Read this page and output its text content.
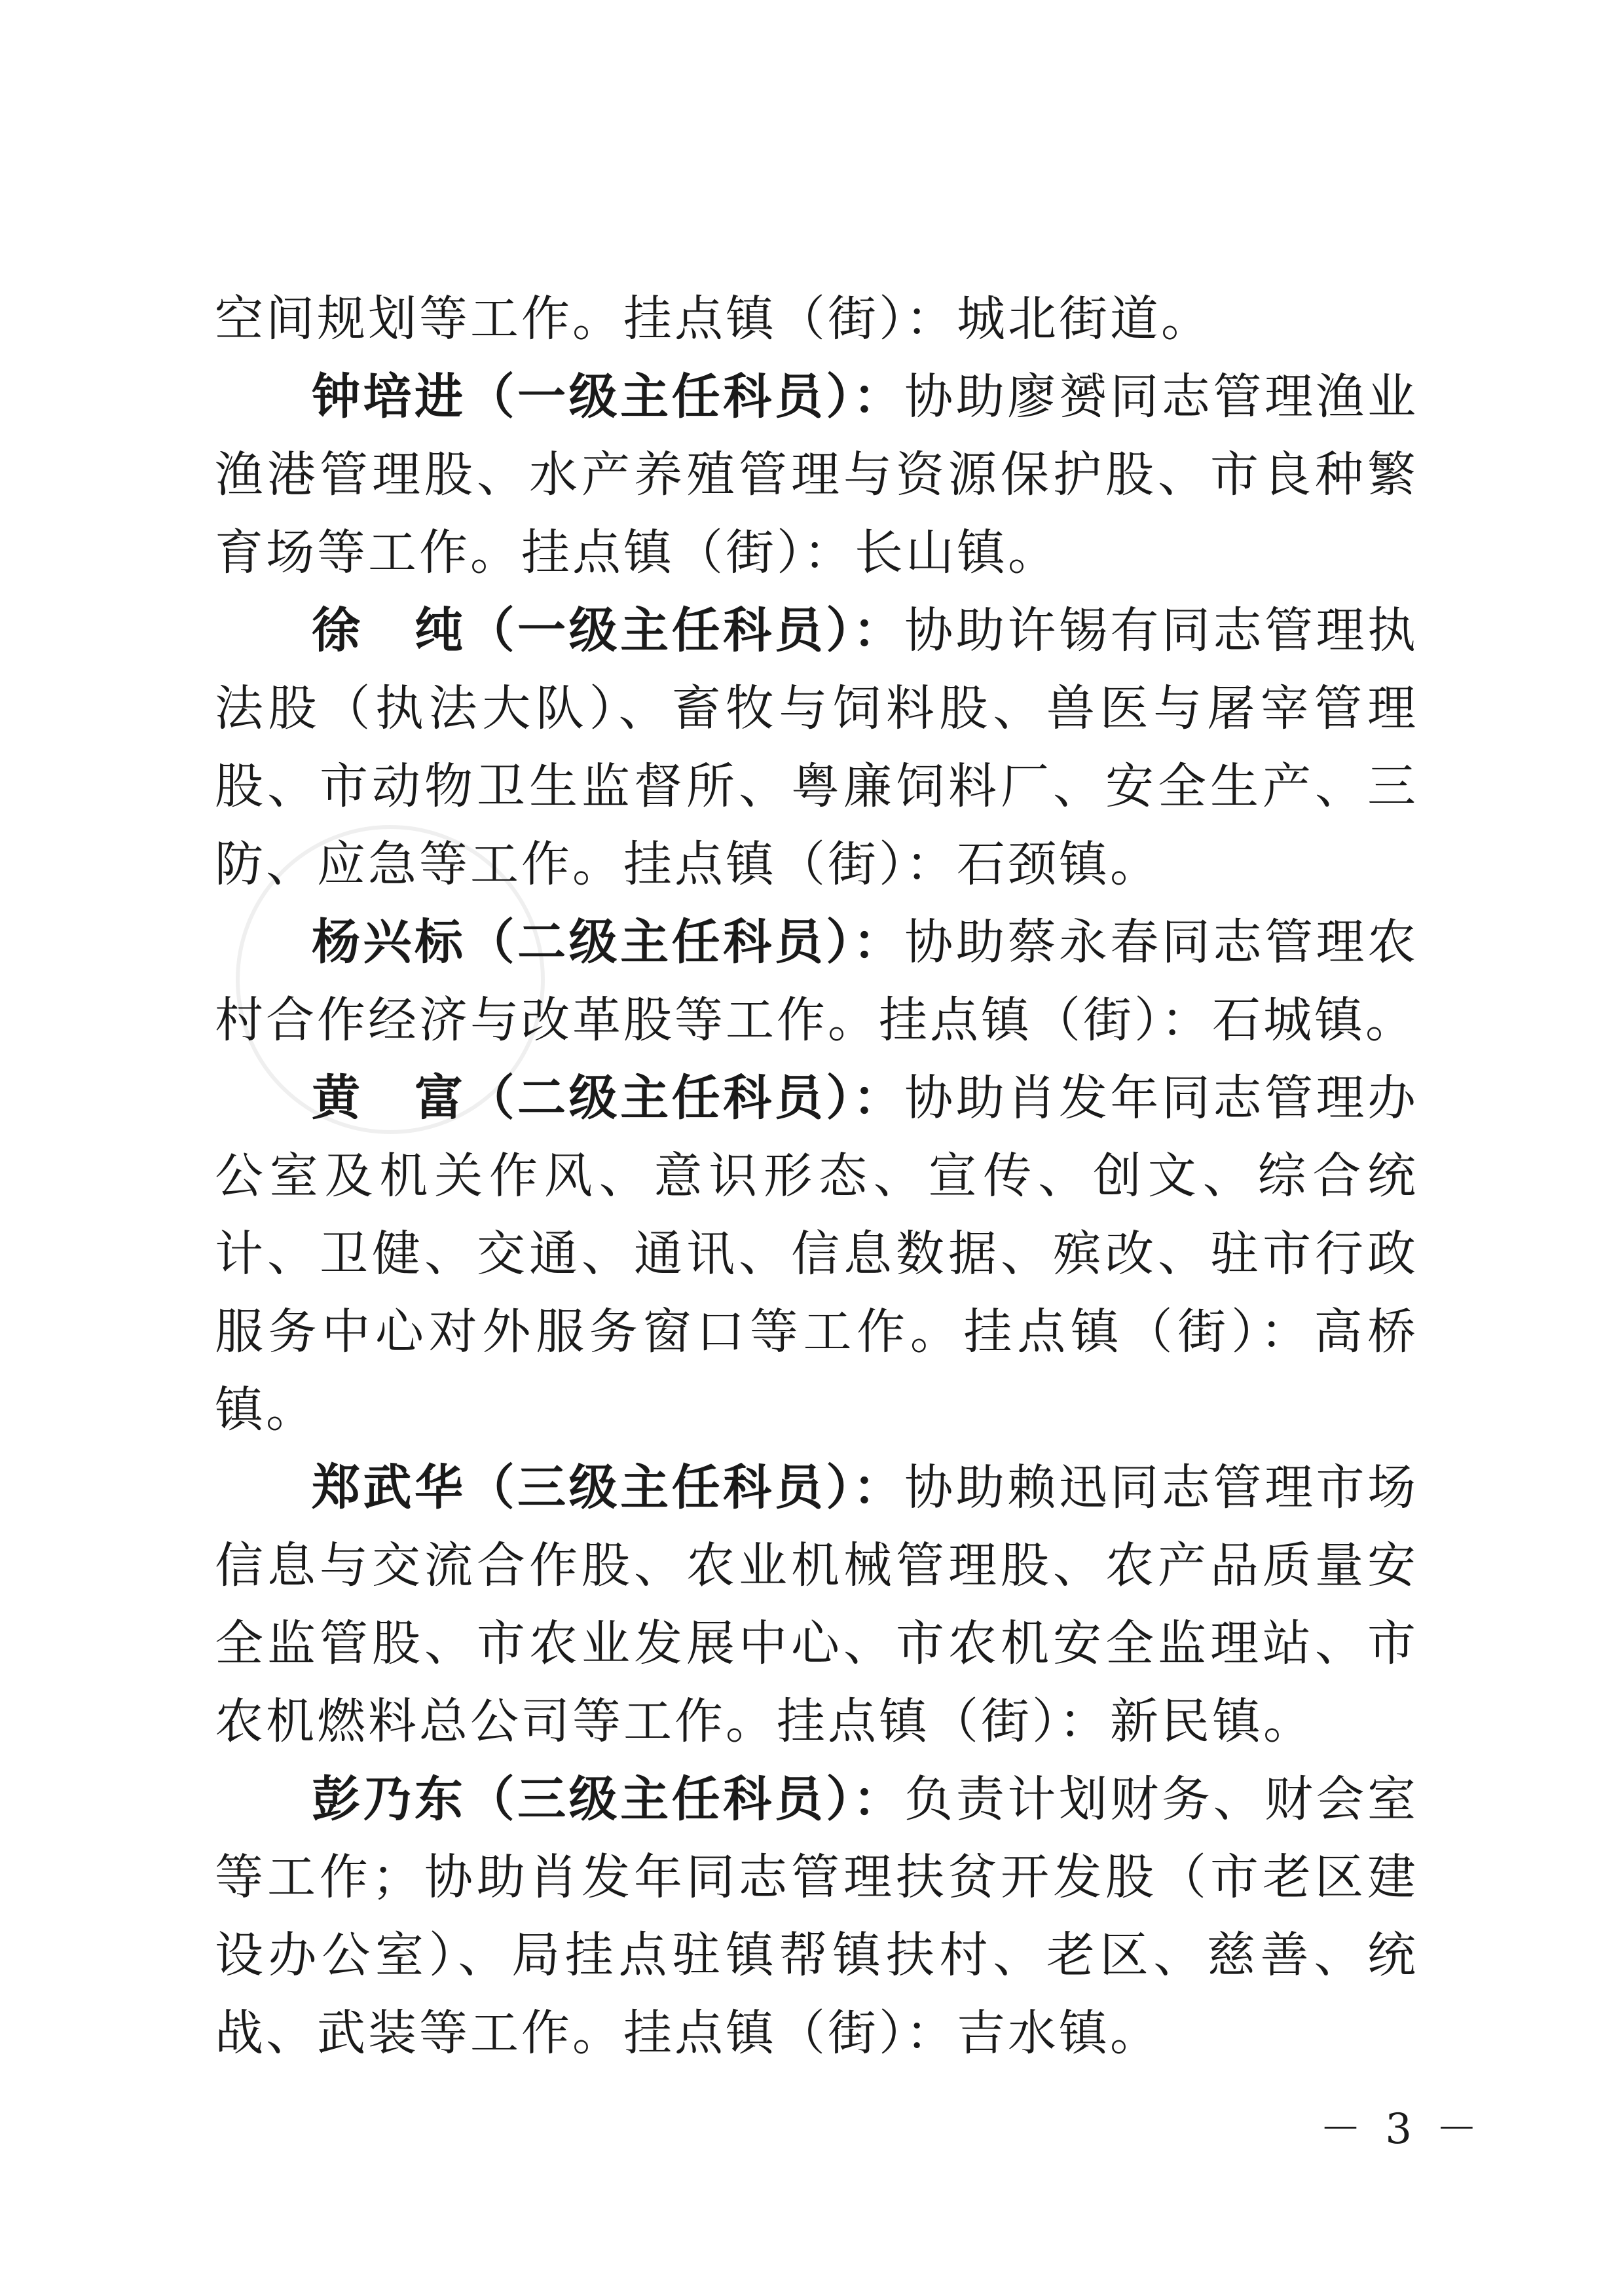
空间规划等工作。挂点镇（街）：城北街道。

钟培进（一级主任科员）：协助廖赟同志管理渔业渔港管理股、水产养殖管理与资源保护股、市良种繁育场等工作。挂点镇（街）：长山镇。

徐　纯（一级主任科员）：协助许锡有同志管理执法股（执法大队）、畜牧与饲料股、兽医与屠宰管理股、市动物卫生监督所、粤廉饲料厂、安全生产、三防、应急等工作。挂点镇（街）：石颈镇。

杨兴标（二级主任科员）：协助蔡永春同志管理农村合作经济与改革股等工作。挂点镇（街）：石城镇。

黄　富（二级主任科员）：协助肖发年同志管理办公室及机关作风、意识形态、宣传、创文、综合统计、卫健、交通、通讯、信息数据、殡改、驻市行政服务中心对外服务窗口等工作。挂点镇（街）：高桥镇。

郑武华（三级主任科员）：协助赖迅同志管理市场信息与交流合作股、农业机械管理股、农产品质量安全监管股、市农业发展中心、市农机安全监理站、市农机燃料总公司等工作。挂点镇（街）：新民镇。

彭乃东（三级主任科员）：负责计划财务、财会室等工作；协助肖发年同志管理扶贫开发股（市老区建设办公室）、局挂点驻镇帮镇扶村、老区、慈善、统战、武装等工作。挂点镇（街）：吉水镇。

－ 3 －
